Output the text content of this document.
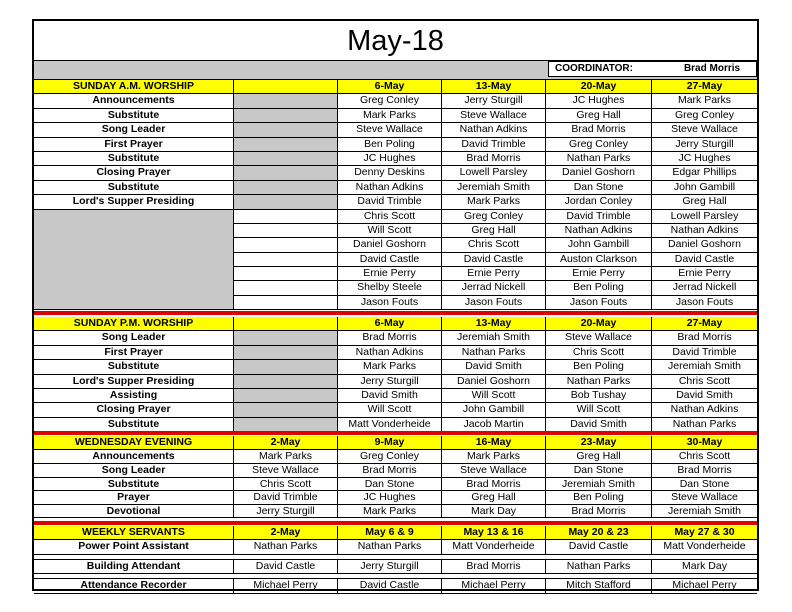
May-18
COORDINATOR:	Brad Morris
SUNDAY A.M. WORSHIP	6-May	13-May	20-May	27-May
Announcements	Greg Conley	Jerry Sturgill	JC Hughes	Mark Parks
Substitute	Mark Parks	Steve Wallace	Greg Hall	Greg Conley
Song Leader	Steve Wallace	Nathan Adkins	Brad Morris	Steve Wallace
First Prayer	Ben Poling	David Trimble	Greg Conley	Jerry Sturgill
Substitute	JC Hughes	Brad Morris	Nathan Parks	JC Hughes
Closing Prayer	Denny Deskins	Lowell Parsley	Daniel Goshorn	Edgar Phillips
Substitute	Nathan Adkins	Jeremiah Smith	Dan Stone	John Gambill
Lord's Supper Presiding	David Trimble	Mark Parks	Jordan Conley	Greg Hall
Chris Scott	Greg Conley	David Trimble	Lowell Parsley
Will Scott	Greg Hall	Nathan Adkins	Nathan Adkins
Daniel Goshorn	Chris Scott	John Gambill	Daniel Goshorn
David Castle	David Castle	Auston Clarkson	David Castle
Ernie Perry	Ernie Perry	Ernie Perry	Ernie Perry
Shelby Steele	Jerrad Nickell	Ben Poling	Jerrad Nickell
Jason Fouts	Jason Fouts	Jason Fouts	Jason Fouts
SUNDAY P.M. WORSHIP	6-May	13-May	20-May	27-May
Song Leader	Brad Morris	Jeremiah Smith	Steve Wallace	Brad Morris
First Prayer	Nathan Adkins	Nathan Parks	Chris Scott	David Trimble
Substitute	Mark Parks	David Smith	Ben Poling	Jeremiah Smith
Lord's Supper Presiding	Jerry Sturgill	Daniel Goshorn	Nathan Parks	Chris Scott
Assisting	David Smith	Will Scott	Bob Tushay	David Smith
Closing Prayer	Will Scott	John Gambill	Will Scott	Nathan Adkins
Substitute	Matt Vonderheide	Jacob Martin	David Smith	Nathan Parks
WEDNESDAY EVENING	2-May	9-May	16-May	23-May	30-May
Announcements	Mark Parks	Greg Conley	Mark Parks	Greg Hall	Chris Scott
Song Leader	Steve Wallace	Brad Morris	Steve Wallace	Dan Stone	Brad Morris
Substitute	Chris Scott	Dan Stone	Brad Morris	Jeremiah Smith	Dan Stone
Prayer	David Trimble	JC Hughes	Greg Hall	Ben Poling	Steve Wallace
Devotional	Jerry Sturgill	Mark Parks	Mark Day	Brad Morris	Jeremiah Smith
WEEKLY SERVANTS	2-May	May 6 & 9	May 13 & 16	May 20 & 23	May 27 & 30
Power Point Assistant	Nathan Parks	Nathan Parks	Matt Vonderheide	David Castle	Matt Vonderheide
Building Attendant	David Castle	Jerry Sturgill	Brad Morris	Nathan Parks	Mark Day
Attendance Recorder	Michael Perry	David Castle	Michael Perry	Mitch Stafford	Michael Perry
